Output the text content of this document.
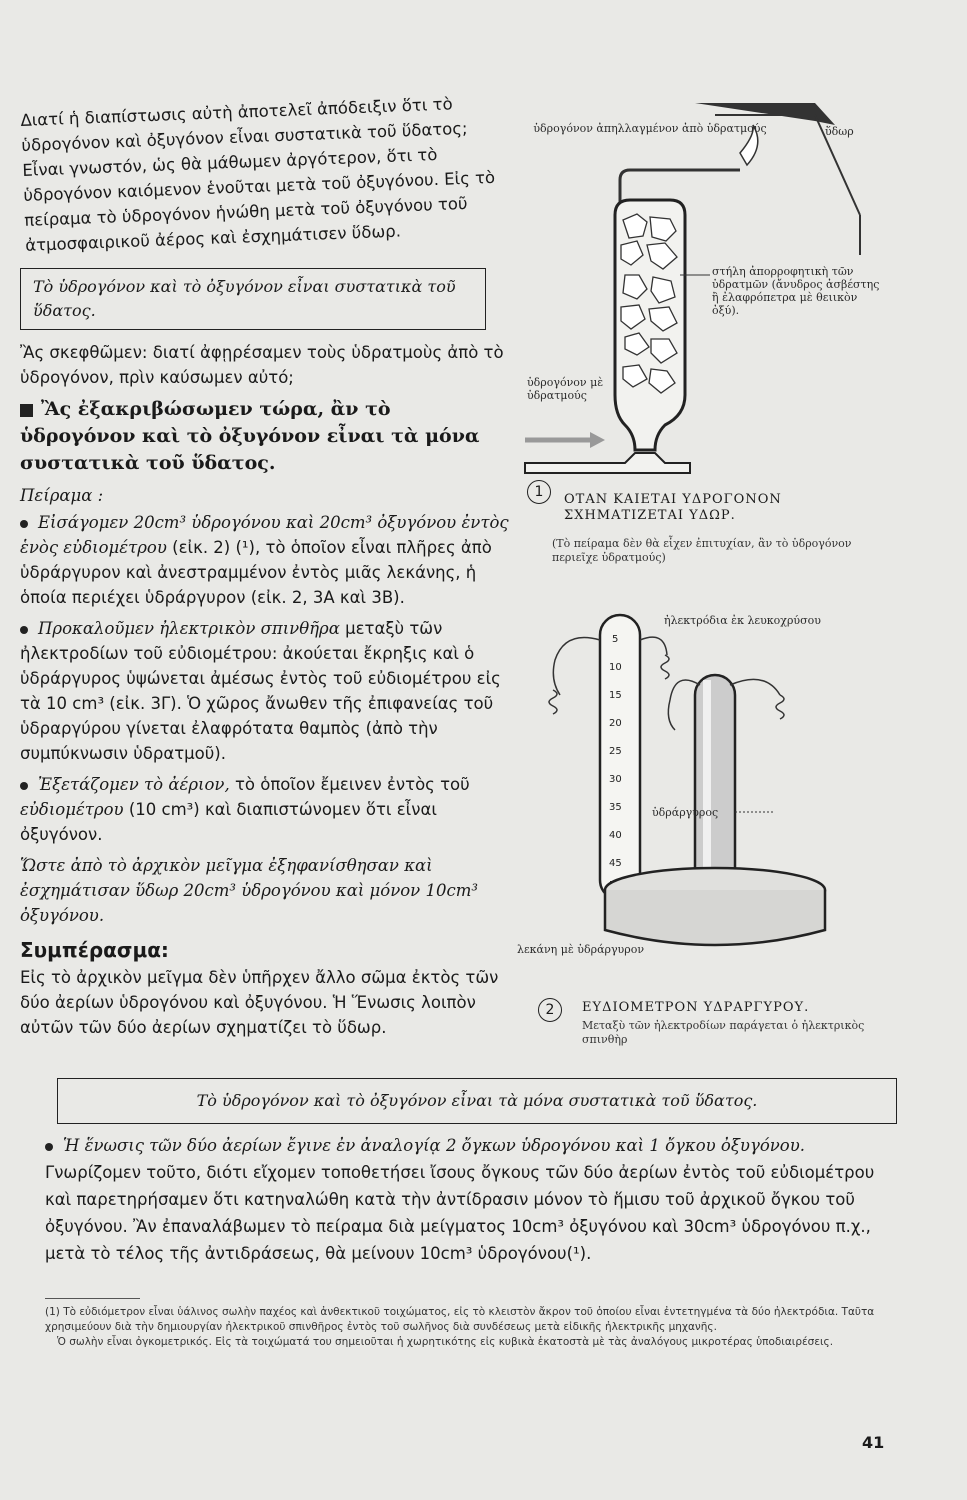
Διατί ἡ διαπίστωσις αὐτὴ ἀποτελεῖ ἀπόδειξιν ὅτι τὸ ὑδρογόνον καὶ ὀξυγόνον εἶναι συστατικὰ τοῦ ὕδατος; Εἶναι γνωστόν, ὡς θὰ μάθωμεν ἀργότερον, ὅτι τὸ ὑδρογόνον καιόμενον ἑνοῦται μετὰ τοῦ ὀξυγόνου. Εἰς τὸ πείραμα τὸ ὑδρογόνον ἡνώθη μετὰ τοῦ ὀξυγόνου τοῦ ἀτμοσφαιρικοῦ ἀέρος καὶ ἐσχημάτισεν ὕδωρ.

Τὸ ὑδρογόνον καὶ τὸ ὀξυγόνον εἶναι συστατικὰ τοῦ ὕδατος.

Ἂς σκεφθῶμεν: διατί ἀφῃρέσαμεν τοὺς ὑδρατμοὺς ἀπὸ τὸ ὑδρογόνον, πρὶν καύσωμεν αὐτό;

Ἂς ἐξακριβώσωμεν τώρα, ἂν τὸ ὑδρογόνον καὶ τὸ ὀξυγόνον εἶναι τὰ μόνα συστατικὰ τοῦ ὕδατος.

Πείραμα :

Εἰσάγομεν 20cm³ ὑδρογόνου καὶ 20cm³ ὀξυγόνου ἐντὸς ἑνὸς εὐδιομέτρου (εἰκ. 2) (¹), τὸ ὁποῖον εἶναι πλῆρες ἀπὸ ὑδράργυρον καὶ ἀνεστραμμένον ἐντὸς μιᾶς λεκάνης, ἡ ὁποία περιέχει ὑδράργυρον (εἰκ. 2, 3Α καὶ 3Β).

Προκαλοῦμεν ἠλεκτρικὸν σπινθῆρα μεταξὺ τῶν ἠλεκτροδίων τοῦ εὐδιομέτρου: ἀκούεται ἔκρηξις καὶ ὁ ὑδράργυρος ὑψώνεται ἀμέσως ἐντὸς τοῦ εὐδιομέτρου εἰς τὰ 10 cm³ (εἰκ. 3Γ). Ὁ χῶρος ἄνωθεν τῆς ἐπιφανείας τοῦ ὑδραργύρου γίνεται ἐλαφρότατα θαμπὸς (ἀπὸ τὴν συμπύκνωσιν ὑδρατμοῦ).

Ἐξετάζομεν τὸ ἀέριον, τὸ ὁποῖον ἔμεινεν ἐντὸς τοῦ εὐδιομέτρου (10 cm³) καὶ διαπιστώνομεν ὅτι εἶναι ὀξυγόνον.

Ὥστε ἀπὸ τὸ ἀρχικὸν μεῖγμα ἐξηφανίσθησαν καὶ ἐσχημάτισαν ὕδωρ 20cm³ ὑδρογόνου καὶ μόνον 10cm³ ὀξυγόνου.

Συμπέρασμα:

Εἰς τὸ ἀρχικὸν μεῖγμα δὲν ὑπῆρχεν ἄλλο σῶμα ἐκτὸς τῶν δύο ἀερίων ὑδρογόνου καὶ ὀξυγόνου. Ἡ Ἕνωσις λοιπὸν αὐτῶν τῶν δύο ἀερίων σχηματίζει τὸ ὕδωρ.

ὑδρογόνον ἀπηλλαγμένον ἀπὸ ὑδρατμούς	ὕδωρ
στήλη ἀπορροφητικὴ τῶν ὑδρατμῶν (ἄνυδρος ἀσβέστης ἢ ἐλαφρόπετρα μὲ θειικὸν ὀξύ).
ὑδρογόνον μὲ ὑδρατμούς
1	ΟΤΑΝ ΚΑΙΕΤΑΙ ΥΔΡΟΓΟΝΟΝ ΣΧΗΜΑΤΙΖΕΤΑΙ ΥΔΩΡ.
(Τὸ πείραμα δὲν θὰ εἶχεν ἐπιτυχίαν, ἂν τὸ ὑδρογόνον περιεῖχε ὑδρατμούς)
5
10
15
20
25
30
35
40
45
ἠλεκτρόδια ἐκ λευκοχρύσου
ὑδράργυρος
λεκάνη μὲ ὑδράργυρον
2	ΕΥΔΙΟΜΕΤΡΟΝ ΥΔΡΑΡΓΥΡΟΥ.
Μεταξὺ τῶν ἠλεκτροδίων παράγεται ὁ ἠλεκτρικὸς σπινθὴρ
Τὸ ὑδρογόνον καὶ τὸ ὀξυγόνον εἶναι τὰ μόνα συστατικὰ τοῦ ὕδατος.
Ἡ ἕνωσις τῶν δύο ἀερίων ἔγινε ἐν ἀναλογίᾳ 2 ὄγκων ὑδρογόνου καὶ 1 ὄγκου ὀξυγόνου. Γνωρίζομεν τοῦτο, διότι εἴχομεν τοποθετήσει ἴσους ὄγκους τῶν δύο ἀερίων ἐντὸς τοῦ εὐδιομέτρου καὶ παρετηρήσαμεν ὅτι κατηναλώθη κατὰ τὴν ἀντίδρασιν μόνον τὸ ἥμισυ τοῦ ἀρχικοῦ ὄγκου τοῦ ὀξυγόνου. Ἂν ἐπαναλάβωμεν τὸ πείραμα διὰ μείγματος 10cm³ ὀξυγόνου καὶ 30cm³ ὑδρογόνου π.χ., μετὰ τὸ τέλος τῆς ἀντιδράσεως, θὰ μείνουν 10cm³ ὑδρογόνου(¹).
(1) Τὸ εὐδιόμετρον εἶναι ὑάλινος σωλὴν παχέος καὶ ἀνθεκτικοῦ τοιχώματος, εἰς τὸ κλειστὸν ἄκρον τοῦ ὁποίου εἶναι ἐντετηγμένα τὰ δύο ἠλεκτρόδια. Ταῦτα χρησιμεύουν διὰ τὴν δημιουργίαν ἠλεκτρικοῦ σπινθῆρος ἐντὸς τοῦ σωλῆνος διὰ συνδέσεως μετὰ εἰδικῆς ἠλεκτρικῆς μηχανῆς.
Ὁ σωλὴν εἶναι ὀγκομετρικός. Εἰς τὰ τοιχώματά του σημειοῦται ἡ χωρητικότης εἰς κυβικὰ ἑκατοστὰ μὲ τὰς ἀναλόγους μικροτέρας ὑποδιαιρέσεις.
41
